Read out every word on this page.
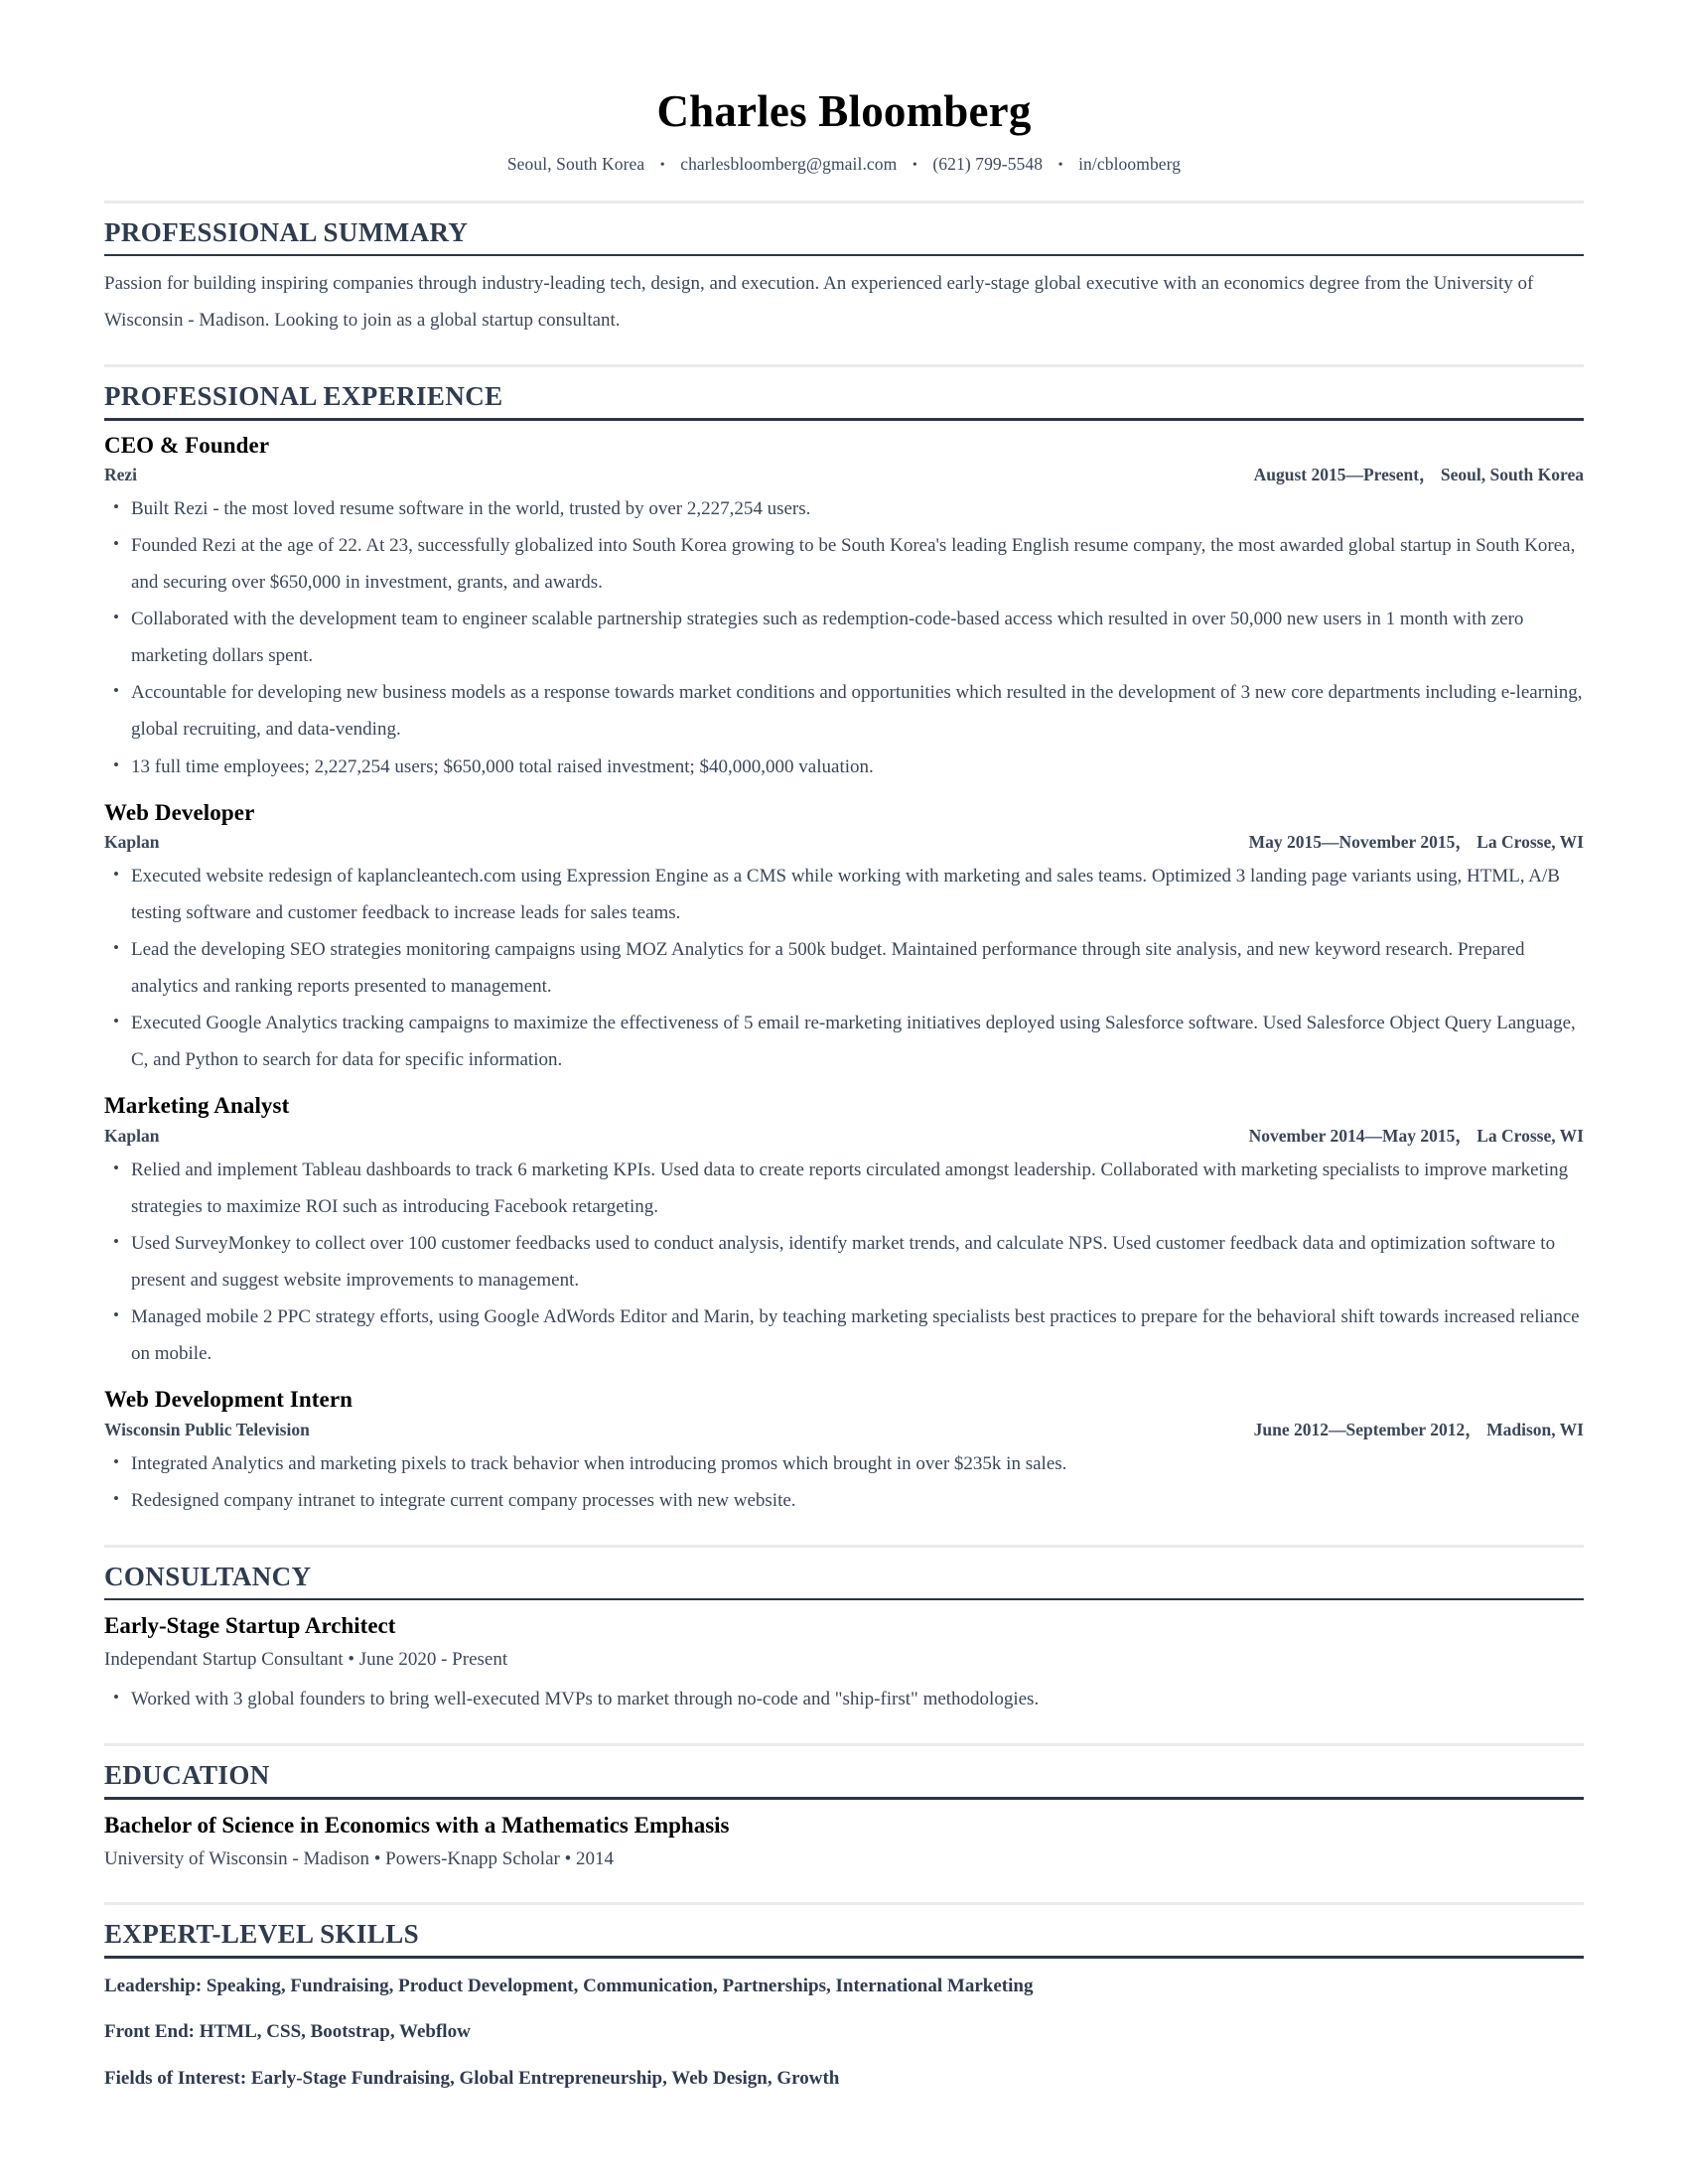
Charles Bloomberg
Seoul, South Korea • charlesbloomberg@gmail.com • (621) 799-5548 • in/cbloomberg
PROFESSIONAL SUMMARY
Passion for building inspiring companies through industry-leading tech, design, and execution. An experienced early-stage global executive with an economics degree from the University of Wisconsin - Madison. Looking to join as a global startup consultant.
PROFESSIONAL EXPERIENCE
CEO & Founder
Rezi	August 2015—Present， Seoul, South Korea
• Built Rezi - the most loved resume software in the world, trusted by over 2,227,254 users.
• Founded Rezi at the age of 22. At 23, successfully globalized into South Korea growing to be South Korea's leading English resume company, the most awarded global startup in South Korea, and securing over $650,000 in investment, grants, and awards.
• Collaborated with the development team to engineer scalable partnership strategies such as redemption-code-based access which resulted in over 50,000 new users in 1 month with zero marketing dollars spent.
• Accountable for developing new business models as a response towards market conditions and opportunities which resulted in the development of 3 new core departments including e-learning, global recruiting, and data-vending.
• 13 full time employees; 2,227,254 users; $650,000 total raised investment; $40,000,000 valuation.
Web Developer
Kaplan	May 2015—November 2015， La Crosse, WI
• Executed website redesign of kaplancleantech.com using Expression Engine as a CMS while working with marketing and sales teams. Optimized 3 landing page variants using, HTML, A/B testing software and customer feedback to increase leads for sales teams.
• Lead the developing SEO strategies monitoring campaigns using MOZ Analytics for a 500k budget. Maintained performance through site analysis, and new keyword research. Prepared analytics and ranking reports presented to management.
• Executed Google Analytics tracking campaigns to maximize the effectiveness of 5 email re-marketing initiatives deployed using Salesforce software. Used Salesforce Object Query Language, C, and Python to search for data for specific information.
Marketing Analyst
Kaplan	November 2014—May 2015， La Crosse, WI
• Relied and implement Tableau dashboards to track 6 marketing KPIs. Used data to create reports circulated amongst leadership. Collaborated with marketing specialists to improve marketing strategies to maximize ROI such as introducing Facebook retargeting.
• Used SurveyMonkey to collect over 100 customer feedbacks used to conduct analysis, identify market trends, and calculate NPS. Used customer feedback data and optimization software to present and suggest website improvements to management.
• Managed mobile 2 PPC strategy efforts, using Google AdWords Editor and Marin, by teaching marketing specialists best practices to prepare for the behavioral shift towards increased reliance on mobile.
Web Development Intern
Wisconsin Public Television	June 2012—September 2012， Madison, WI
• Integrated Analytics and marketing pixels to track behavior when introducing promos which brought in over $235k in sales.
• Redesigned company intranet to integrate current company processes with new website.
CONSULTANCY
Early-Stage Startup Architect
Independant Startup Consultant • June 2020 - Present
• Worked with 3 global founders to bring well-executed MVPs to market through no-code and "ship-first" methodologies.
EDUCATION
Bachelor of Science in Economics with a Mathematics Emphasis
University of Wisconsin - Madison • Powers-Knapp Scholar • 2014
EXPERT-LEVEL SKILLS
Leadership: Speaking, Fundraising, Product Development, Communication, Partnerships, International Marketing
Front End: HTML, CSS, Bootstrap, Webflow
Fields of Interest: Early-Stage Fundraising, Global Entrepreneurship, Web Design, Growth
